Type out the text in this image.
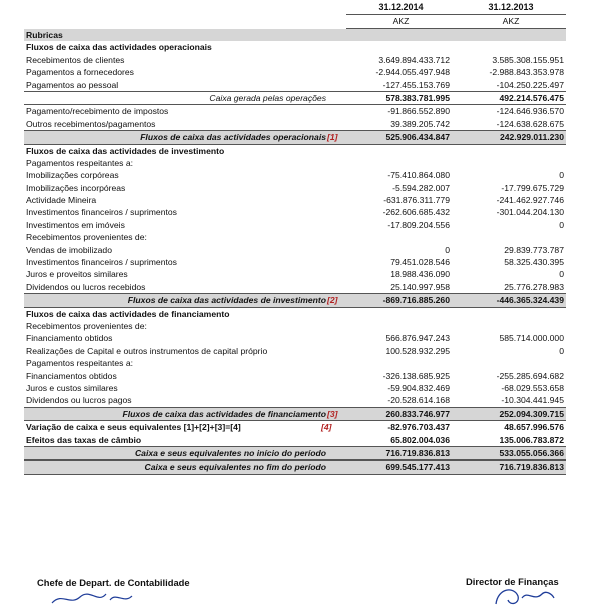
31.12.2014	31.12.2013
AKZ	AKZ
Rubricas
Fluxos de caixa das actividades operacionais
Recebimentos de clientes	3.649.894.433.712	3.585.308.155.951
Pagamentos a fornecedores	-2.944.055.497.948	-2.988.843.353.978
Pagamentos ao pessoal	-127.455.153.769	-104.250.225.497
Caixa gerada pelas operações	578.383.781.995	492.214.576.475
Pagamento/recebimento de impostos	-91.866.552.890	-124.646.936.570
Outros recebimentos/pagamentos	39.389.205.742	-124.638.628.675
Fluxos de caixa das actividades operacionais [1]	525.906.434.847	242.929.011.230
Fluxos de caixa das actividades de investimento
Pagamentos respeitantes a:
Imobilizações corpóreas	-75.410.864.080	0
Imobilizações incorpóreas	-5.594.282.007	-17.799.675.729
Actividade Mineira	-631.876.311.779	-241.462.927.746
Investimentos financeiros / suprimentos	-262.606.685.432	-301.044.204.130
Investimentos em imóveis	-17.809.204.556	0
Recebimentos provenientes de:
Vendas de imobilizado	0	29.839.773.787
Investimentos financeiros / suprimentos	79.451.028.546	58.325.430.395
Juros e proveitos similares	18.988.436.090	0
Dividendos ou lucros recebidos	25.140.997.958	25.776.278.983
Fluxos de caixa das actividades de investimento [2]	-869.716.885.260	-446.365.324.439
Fluxos de caixa das actividades de financiamento
Recebimentos provenientes de:
Financiamento obtidos	566.876.947.243	585.714.000.000
Realizações de Capital e outros instrumentos de capital próprio	100.528.932.295	0
Pagamentos respeitantes a:
Financiamentos obtidos	-326.138.685.925	-255.285.694.682
Juros e custos similares	-59.904.832.469	-68.029.553.658
Dividendos ou lucros pagos	-20.528.614.168	-10.304.441.945
Fluxos de caixa das actividades de financiamento [3]	260.833.746.977	252.094.309.715
Variação de caixa e seus equivalentes [1]+[2]+[3]=[4]	[4]	-82.976.703.437	48.657.996.576
Efeitos das taxas de câmbio	65.802.004.036	135.006.783.872
Caixa e seus equivalentes no início do período	716.719.836.813	533.055.056.366
Caixa e seus equivalentes no fim do período	699.545.177.413	716.719.836.813
Chefe de Depart. de Contabilidade	Director de Finanças
